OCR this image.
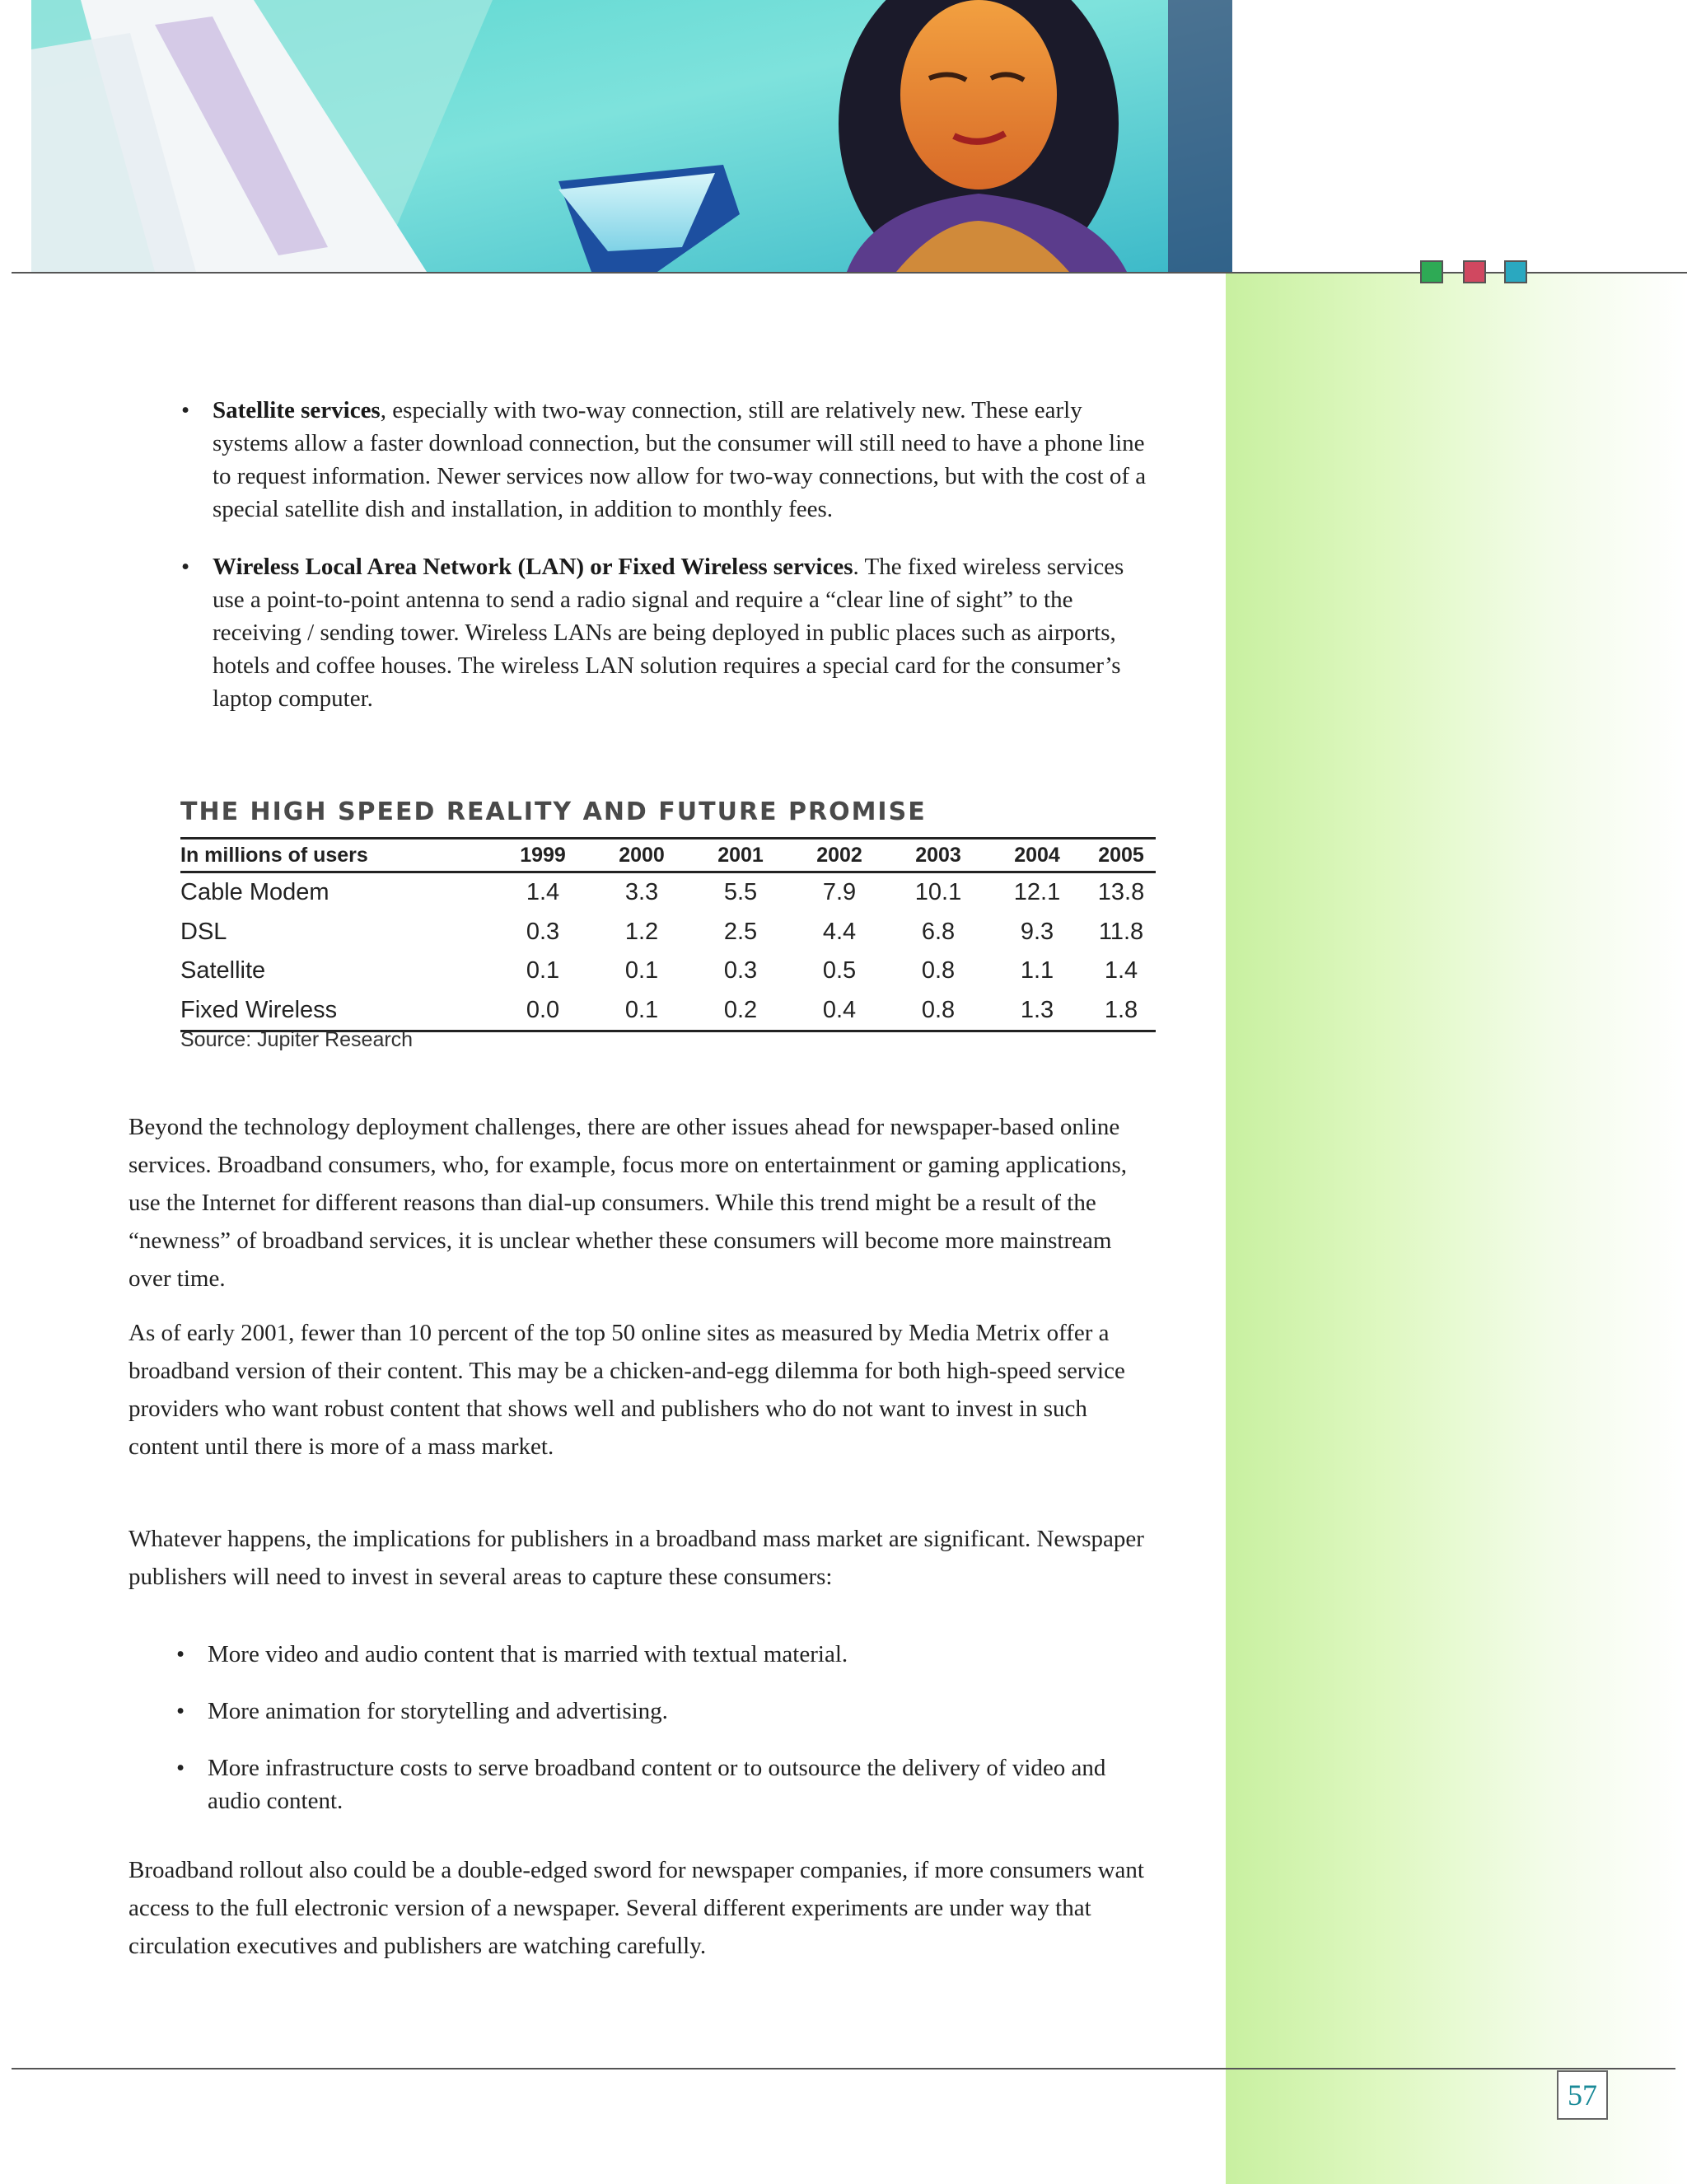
• Satellite services, especially with two-way connection, still are relatively new. These early systems allow a faster download connection, but the consumer will still need to have a phone line to request information. Newer services now allow for two-way connections, but with the cost of a special satellite dish and installation, in addition to monthly fees.
• Wireless Local Area Network (LAN) or Fixed Wireless services. The fixed wireless services use a point-to-point antenna to send a radio signal and require a “clear line of sight” to the receiving / sending tower. Wireless LANs are being deployed in public places such as airports, hotels and coffee houses. The wireless LAN solution requires a special card for the consumer’s laptop computer.
THE HIGH SPEED REALITY AND FUTURE PROMISE
In millions of users	1999	2000	2001	2002	2003	2004	2005
Cable Modem	1.4	3.3	5.5	7.9	10.1	12.1	13.8
DSL	0.3	1.2	2.5	4.4	6.8	9.3	11.8
Satellite	0.1	0.1	0.3	0.5	0.8	1.1	1.4
Fixed Wireless	0.0	0.1	0.2	0.4	0.8	1.3	1.8

Source: Jupiter Research

Beyond the technology deployment challenges, there are other issues ahead for newspaper-based online services. Broadband consumers, who, for example, focus more on entertainment or gaming applications, use the Internet for different reasons than dial-up consumers. While this trend might be a result of the “newness” of broadband services, it is unclear whether these consumers will become more mainstream over time.

As of early 2001, fewer than 10 percent of the top 50 online sites as measured by Media Metrix offer a broadband version of their content. This may be a chicken-and-egg dilemma for both high-speed service providers who want robust content that shows well and publishers who do not want to invest in such content until there is more of a mass market.

Whatever happens, the implications for publishers in a broadband mass market are significant. Newspaper publishers will need to invest in several areas to capture these consumers:

• More video and audio content that is married with textual material.
• More animation for storytelling and advertising.
• More infrastructure costs to serve broadband content or to outsource the delivery of video and audio content.

Broadband rollout also could be a double-edged sword for newspaper companies, if more consumers want access to the full electronic version of a newspaper. Several different experiments are under way that circulation executives and publishers are watching carefully.

57
